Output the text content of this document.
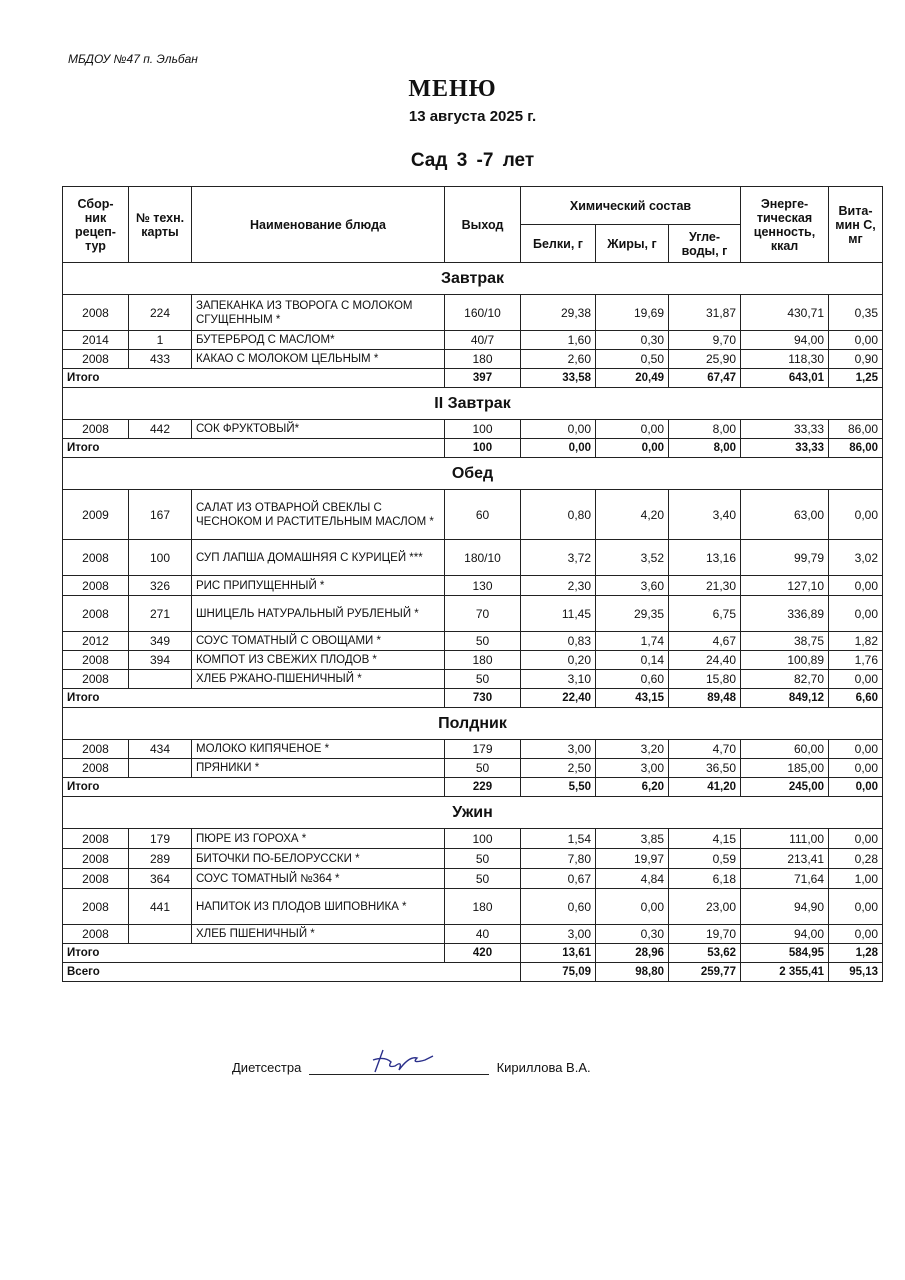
МБДОУ №47 п. Эльбан
МЕНЮ
13 августа 2025 г.
Сад 3 -7 лет
Сбор-ник рецеп-тур	№ техн. карты	Наименование блюда	Выход	Химический состав			Энерге-тическая ценность, ккал	Вита-мин С, мг
				Белки, г	Жиры, г	Угле-воды, г		
Завтрак								
2008	224	ЗАПЕКАНКА ИЗ ТВОРОГА С МОЛОКОМ СГУЩЕННЫМ *	160/10	29,38	19,69	31,87	430,71	0,35
2014	1	БУТЕРБРОД С МАСЛОМ*	40/7	1,60	0,30	9,70	94,00	0,00
2008	433	КАКАО С МОЛОКОМ ЦЕЛЬНЫМ *	180	2,60	0,50	25,90	118,30	0,90
Итого			397	33,58	20,49	67,47	643,01	1,25
II Завтрак								
2008	442	СОК ФРУКТОВЫЙ*	100	0,00	0,00	8,00	33,33	86,00
Итого			100	0,00	0,00	8,00	33,33	86,00
Обед								
2009	167	САЛАТ ИЗ ОТВАРНОЙ СВЕКЛЫ С ЧЕСНОКОМ И РАСТИТЕЛЬНЫМ МАСЛОМ *	60	0,80	4,20	3,40	63,00	0,00
2008	100	СУП ЛАПША ДОМАШНЯЯ С КУРИЦЕЙ ***	180/10	3,72	3,52	13,16	99,79	3,02
2008	326	РИС ПРИПУЩЕННЫЙ *	130	2,30	3,60	21,30	127,10	0,00
2008	271	ШНИЦЕЛЬ НАТУРАЛЬНЫЙ РУБЛЕНЫЙ *	70	11,45	29,35	6,75	336,89	0,00
2012	349	СОУС ТОМАТНЫЙ С ОВОЩАМИ *	50	0,83	1,74	4,67	38,75	1,82
2008	394	КОМПОТ ИЗ СВЕЖИХ ПЛОДОВ *	180	0,20	0,14	24,40	100,89	1,76
2008		ХЛЕБ РЖАНО-ПШЕНИЧНЫЙ *	50	3,10	0,60	15,80	82,70	0,00
Итого			730	22,40	43,15	89,48	849,12	6,60
Полдник								
2008	434	МОЛОКО КИПЯЧЕНОЕ *	179	3,00	3,20	4,70	60,00	0,00
2008		ПРЯНИКИ *	50	2,50	3,00	36,50	185,00	0,00
Итого			229	5,50	6,20	41,20	245,00	0,00
Ужин								
2008	179	ПЮРЕ ИЗ ГОРОХА *	100	1,54	3,85	4,15	111,00	0,00
2008	289	БИТОЧКИ ПО-БЕЛОРУССКИ *	50	7,80	19,97	0,59	213,41	0,28
2008	364	СОУС ТОМАТНЫЙ №364 *	50	0,67	4,84	6,18	71,64	1,00
2008	441	НАПИТОК ИЗ ПЛОДОВ ШИПОВНИКА *	180	0,60	0,00	23,00	94,90	0,00
2008		ХЛЕБ ПШЕНИЧНЫЙ *	40	3,00	0,30	19,70	94,00	0,00
Итого			420	13,61	28,96	53,62	584,95	1,28
Всего				75,09	98,80	259,77	2 355,41	95,13
Диетсестра	Кириллова В.А.
